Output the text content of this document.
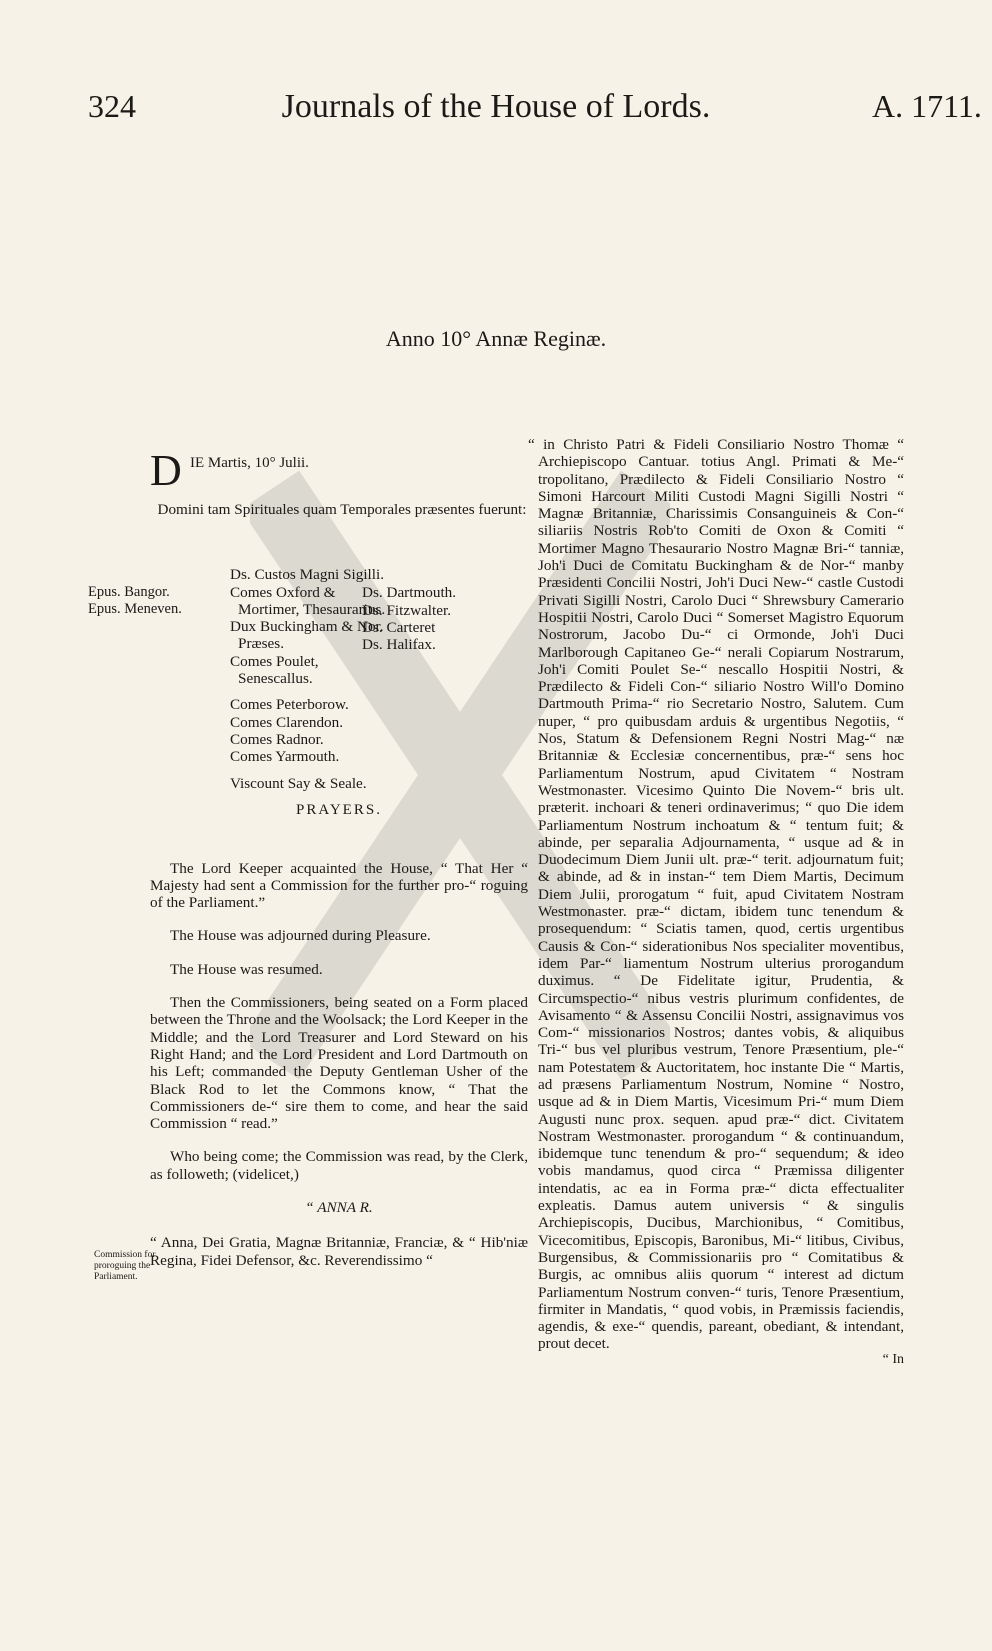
324	Journals of the House of Lords.	A. 1711.
Anno 10° Annæ Reginæ.
Commission for proroguing the Parliament.
D IE Martis, 10° Julii.
Domini tam Spirituales quam Temporales præsentes fuerunt:
Epus. Bangor.
Epus. Meneven.
Ds. Custos Magni Sigilli.
Comes Oxford & Mortimer, Thesaurarius.
Dux Buckingham & Nor. Præses.
Comes Poulet, Senescallus.
Comes Peterborow.
Comes Clarendon.
Comes Radnor.
Comes Yarmouth.
Viscount Say & Seale.
Ds. Dartmouth.
Ds. Fitzwalter.
Ds. Carteret
Ds. Halifax.
PRAYERS.

The Lord Keeper acquainted the House, “ That Her “ Majesty had sent a Commission for the further pro-“ roguing of the Parliament.”

The House was adjourned during Pleasure.

The House was resumed.

Then the Commissioners, being seated on a Form placed between the Throne and the Woolsack; the Lord Keeper in the Middle; and the Lord Treasurer and Lord Steward on his Right Hand; and the Lord President and Lord Dartmouth on his Left; commanded the Deputy Gentleman Usher of the Black Rod to let the Commons know, “ That the Commissioners de-“ sire them to come, and hear the said Commission “ read.”

Who being come; the Commission was read, by the Clerk, as followeth; (videlicet,)

“ ANNA R.

“ Anna, Dei Gratia, Magnæ Britanniæ, Franciæ, & “ Hib'niæ Regina, Fidei Defensor, &c. Reverendissimo “

“ in Christo Patri & Fideli Consiliario Nostro Thomæ “ Archiepiscopo Cantuar. totius Angl. Primati & Me-“ tropolitano, Prædilecto & Fideli Consiliario Nostro “ Simoni Harcourt Militi Custodi Magni Sigilli Nostri “ Magnæ Britanniæ, Charissimis Consanguineis & Con-“ siliariis Nostris Rob'to Comiti de Oxon & Comiti “ Mortimer Magno Thesaurario Nostro Magnæ Bri-“ tanniæ, Joh'i Duci de Comitatu Buckingham & de Nor-“ manby Præsidenti Concilii Nostri, Joh'i Duci New-“ castle Custodi Privati Sigilli Nostri, Carolo Duci “ Shrewsbury Camerario Hospitii Nostri, Carolo Duci “ Somerset Magistro Equorum Nostrorum, Jacobo Du-“ ci Ormonde, Joh'i Duci Marlborough Capitaneo Ge-“ nerali Copiarum Nostrarum, Joh'i Comiti Poulet Se-“ nescallo Hospitii Nostri, & Prædilecto & Fideli Con-“ siliario Nostro Will'o Domino Dartmouth Prima-“ rio Secretario Nostro, Salutem. Cum nuper, “ pro quibusdam arduis & urgentibus Negotiis, “ Nos, Statum & Defensionem Regni Nostri Mag-“ næ Britanniæ & Ecclesiæ concernentibus, præ-“ sens hoc Parliamentum Nostrum, apud Civitatem “ Nostram Westmonaster. Vicesimo Quinto Die Novem-“ bris ult. præterit. inchoari & teneri ordinaverimus; “ quo Die idem Parliamentum Nostrum inchoatum & “ tentum fuit; & abinde, per separalia Adjournamenta, “ usque ad & in Duodecimum Diem Junii ult. præ-“ terit. adjournatum fuit; & abinde, ad & in instan-“ tem Diem Martis, Decimum Diem Julii, prorogatum “ fuit, apud Civitatem Nostram Westmonaster. præ-“ dictam, ibidem tunc tenendum & prosequendum: “ Sciatis tamen, quod, certis urgentibus Causis & Con-“ siderationibus Nos specialiter moventibus, idem Par-“ liamentum Nostrum ulterius prorogandum duximus. “ De Fidelitate igitur, Prudentia, & Circumspectio-“ nibus vestris plurimum confidentes, de Avisamento “ & Assensu Concilii Nostri, assignavimus vos Com-“ missionarios Nostros; dantes vobis, & aliquibus Tri-“ bus vel pluribus vestrum, Tenore Præsentium, ple-“ nam Potestatem & Auctoritatem, hoc instante Die “ Martis, ad præsens Parliamentum Nostrum, Nomine “ Nostro, usque ad & in Diem Martis, Vicesimum Pri-“ mum Diem Augusti nunc prox. sequen. apud præ-“ dict. Civitatem Nostram Westmonaster. prorogandum “ & continuandum, ibidemque tunc tenendum & pro-“ sequendum; & ideo vobis mandamus, quod circa “ Præmissa diligenter intendatis, ac ea in Forma præ-“ dicta effectualiter expleatis. Damus autem universis “ & singulis Archiepiscopis, Ducibus, Marchionibus, “ Comitibus, Vicecomitibus, Episcopis, Baronibus, Mi-“ litibus, Civibus, Burgensibus, & Commissionariis pro “ Comitatibus & Burgis, ac omnibus aliis quorum “ interest ad dictum Parliamentum Nostrum conven-“ turis, Tenore Præsentium, firmiter in Mandatis, “ quod vobis, in Præmissis faciendis, agendis, & exe-“ quendis, pareant, obediant, & intendant, prout decet.

“ In
